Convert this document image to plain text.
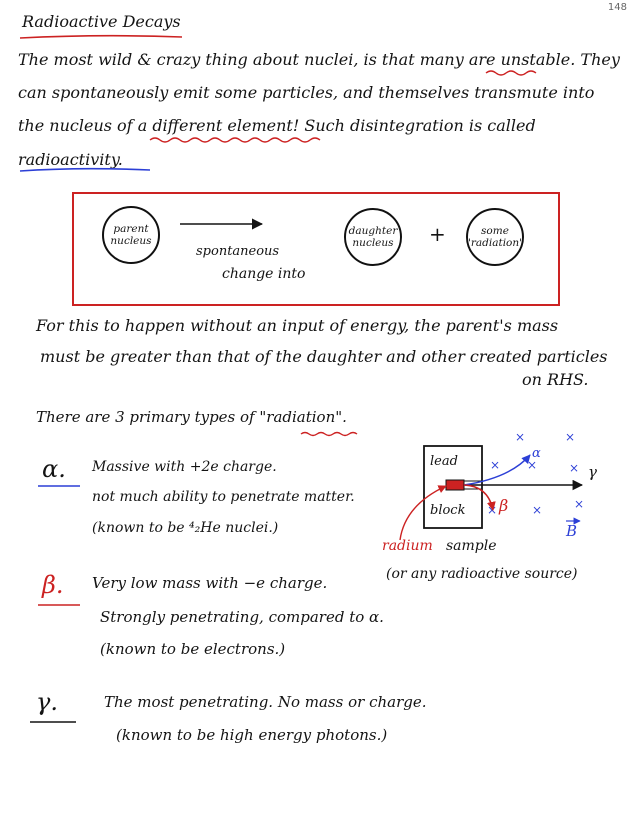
148
Radioactive Decays
The most wild & crazy thing about nuclei, is that many are unstable. They
can spontaneously emit some particles, and themselves transmute into
the nucleus of a different element! Such disintegration is called
radioactivity.
parent
nucleus
spontaneous
change into
daughter
nucleus +	some
"radiation"
For this to happen without an input of energy, the parent's mass
must be greater than that of the daughter and other created particles
on RHS.
There are 3 primary types of "radiation".
α. Massive with +2e charge.
not much ability to penetrate matter.
(known to be ⁴₂He nuclei.)
β. Very low mass with −e charge.
Strongly penetrating, compared to α.
(known to be electrons.)
γ.	The most penetrating. No mass or charge.
(known to be high energy photons.)
lead
block
α
β
γ
B
radium sample
(or any radioactive source)
×	×
× ×	×
×	×	×
